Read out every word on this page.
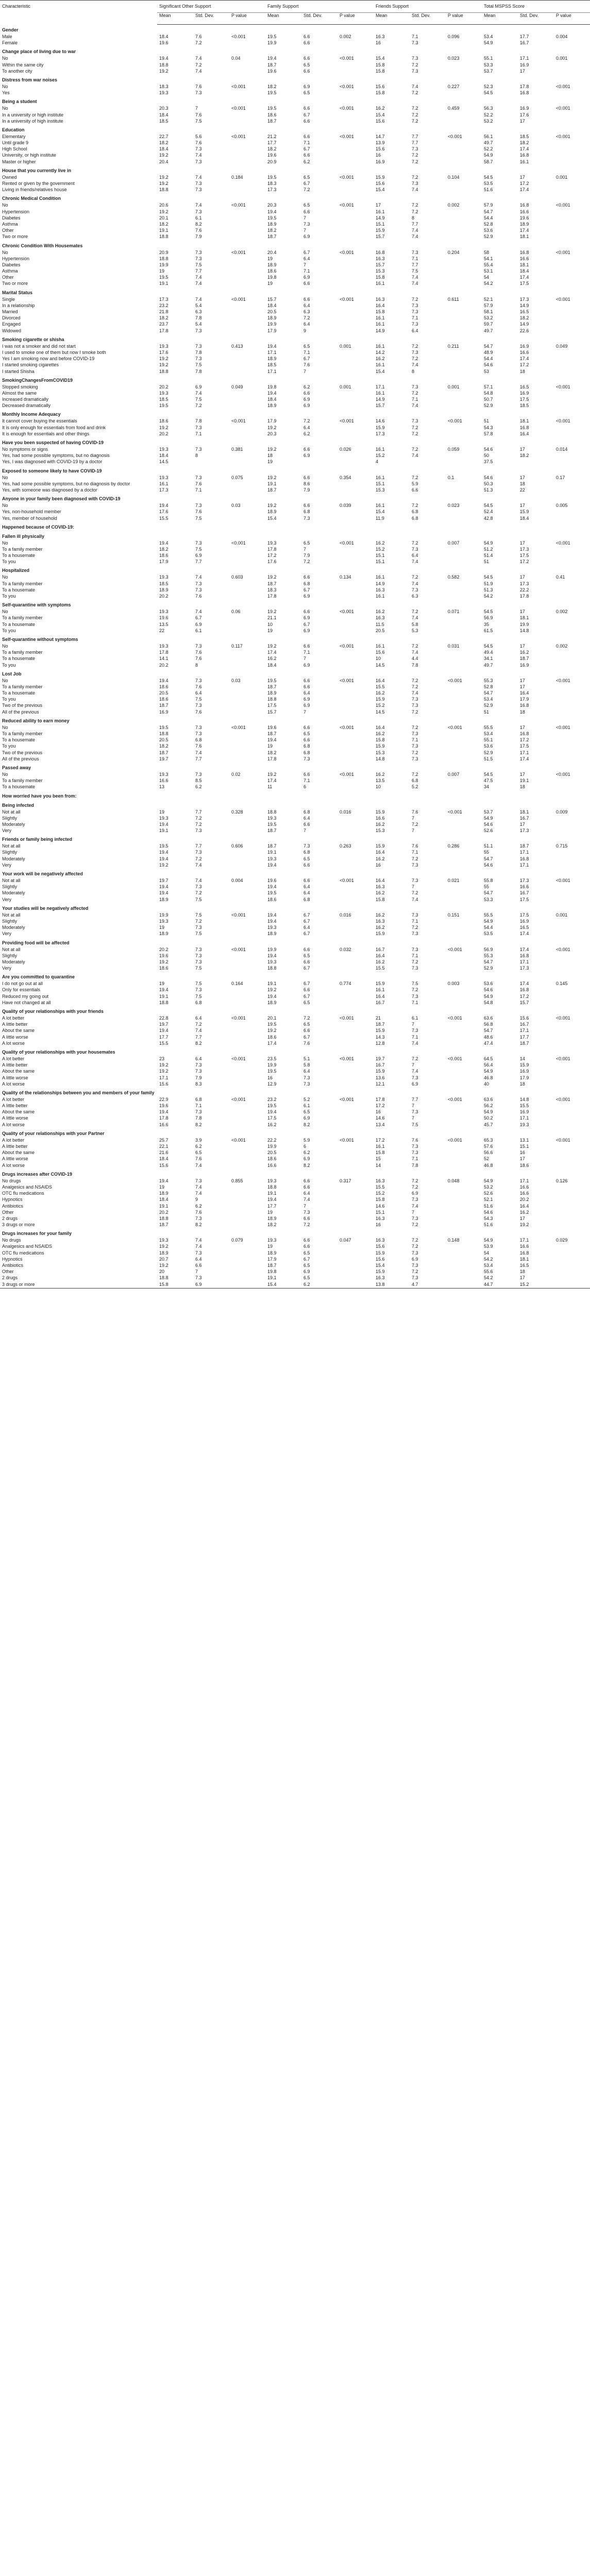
Characteristic	Significant Other Support			Family Support			Friends Support			Total MSPSS Score		
	Mean	Std. Dev.	P value	Mean	Std. Dev.	P value	Mean	Std. Dev.	P value	Mean	Std. Dev.	P value
Gender												
Male	18.4	7.6	<0.001	19.5	6.6	0.002	16.3	7.1	0.096	53.4	17.7	0.004
Female	19.6	7.2		19.9	6.6		16	7.3		54.9	16.7	
Change place of living due to war												
No	19.4	7.4	0.04	19.4	6.6	<0.001	15.4	7.3	0.023	55.1	17.1	0.001
Within the same city	18.8	7.2		18.7	6.5		15.8	7.2		53.3	16.9	
To another city	19.2	7.4		19.6	6.6		15.8	7.3		53.7	17	
Distress from war noises												
No	18.3	7.6	<0.001	18.2	6.9	<0.001	15.6	7.4	0.227	52.3	17.8	<0.001
Yes	19.3	7.3		19.5	6.5		15.8	7.2		54.5	16.8	
Being a student												
No	20.3	7	<0.001	19.5	6.6	<0.001	16.2	7.2	0.459	56.3	16.9	<0.001
In a university or high institute	18.4	7.6		18.6	6.7		15.4	7.2		52.2	17.6	
In a university of high institute	18.5	7.5		18.7	6.6		15.6	7.2		53.2	17	
Education												
Elementary	22.7	5.6	<0.001	21.2	6.6	<0.001	14.7	7.7	<0.001	56.1	18.5	<0.001
Until grade 9	18.2	7.6		17.7	7.1		13.9	7.7		49.7	18.2	
High School	18.4	7.3		18.2	6.7		15.6	7.3		52.2	17.4	
University, or high institute	19.2	7.4		19.6	6.6		16	7.2		54.9	16.8	
Master or higher	20.4	7.3		20.9	6.2		16.9	7.2		58.7	16.1	
House that you currently live in												
Owned	19.2	7.4	0.184	19.5	6.5	<0.001	15.9	7.2	0.104	54.5	17	0.001
Rented or given by the government	19.2	7.3		18.3	6.7		15.6	7.3		53.5	17.2	
Living in friends/relatives house	18.8	7.3		17.3	7.2		15.4	7.4		51.6	17.4	
Chronic Medical Condition												
No	20.6	7.4	<0.001	20.3	6.5	<0.001	17	7.2	0.002	57.9	16.8	<0.001
Hypertension	19.2	7.3		19.4	6.6		16.1	7.2		54.7	16.6	
Diabetes	20.1	6.1		19.5	7		14.9	8		54.4	19.6	
Asthma	18.2	8.2		18.9	7.3		15.1	7.7		52.8	18.9	
Other	19.1	7.6		18.2	7		15.9	7.4		53.6	17.4	
Two or more	18.8	7.9		18.7	6.9		15.7	7.4		52.9	18.1	
Chronic Condition With Housemates												
No	20.9	7.3	<0.001	20.4	6.7	<0.001	16.8	7.3	0.204	58	16.8	<0.001
Hypertension	18.8	7.3		19	6.4		16.3	7.1		54.1	16.6	
Diabetes	19.9	7.5		18.9	7		15.7	7.7		55.4	18.1	
Asthma	19	7.7		18.6	7.1		15.3	7.5		53.1	18.4	
Other	19.5	7.4		19.8	6.9		15.8	7.4		54	17.4	
Two or more	19.1	7.4		19	6.6		16.1	7.4		54.2	17.5	
Marital Status												
Single	17.3	7.4	<0.001	15.7	6.6	<0.001	16.3	7.2	0.611	52.1	17.3	<0.001
In a relationship	23.2	5.4		18.4	6.4		16.4	7.3		57.9	14.9	
Married	21.8	6.3		20.5	6.3		15.8	7.3		58.1	16.5	
Divorced	18.2	7.8		18.9	7.2		16.1	7.1		53.2	18.2	
Engaged	23.7	5.4		19.9	6.4		16.1	7.3		59.7	14.9	
Widowed	17.8	7.3		17.9	9		14.9	6.4		49.7	22.6	
Smoking cigarette or shisha												
I was not a smoker and did not start	19.3	7.3	0.413	19.4	6.5	0.001	16.1	7.2	0.211	54.7	16.9	0.049
I used to smoke one of them but now I smoke both	17.6	7.8		17.1	7.1		14.2	7.3		48.9	16.6	
Yes I am smoking now and before COVID-19	19.2	7.3		18.9	6.7		16.2	7.2		54.4	17.4	
I started smoking cigarettes	19.2	7.5		18.5	7.6		16.1	7.4		54.6	17.2	
I started Shisha	18.8	7.8		17.1	7		15.4	8		53	18	
SmokingChangesFromCOVID19												
Stopped smoking	20.2	6.9	0.049	19.8	6.2	0.001	17.1	7.3	0.001	57.1	16.5	<0.001
Almost the same	19.3	7.4		19.4	6.6		16.1	7.2		54.8	16.9	
Increased dramatically	18.5	7.5		18.4	6.9		14.9	7.1		50.7	17.5	
Decreased dramatically	19.5	7.2		18.9	6.9		15.7	7.4		52.9	18.5	
Monthly Income Adequacy												
It cannot cover buying the essentials	18.6	7.8	<0.001	17.9	7.2	<0.001	14.6	7.3	<0.001	51	18.1	<0.001
It is only enough for essentials from food and drink	19.2	7.3		19.2	6.4		15.9	7.2		54.3	16.8	
It is enough for essentials and other things	20.2	7.1		20.3	6.2		17.3	7.2		57.8	16.4	
Have you been suspected of having COVID-19												
No symptoms or signs	19.3	7.3	0.381	19.2	6.6	0.026	16.1	7.2	0.059	54.6	17	0.014
Yes, had some possible symptoms, but no diagnosis	18.4	8		18	6.9		15.2	7.4		50	18.2	
Yes, I was diagnosed with COVID-19 by a doctor	14.5			19			4			37.5		
Exposed to someone likely to have COVID-19												
No	19.3	7.3	0.075	19.2	6.6	0.354	16.1	7.2	0.1	54.6	17	0.17
Yes, had some possible symptoms, but no diagnosis by doctor	16.1	7.6		19.1	8.6		15.1	5.9		50.3	18	
Yes, with someone was diagnosed by a doctor	17.3	7.1		18.7	7.9		15.3	6.6		51.3	22	
Anyone in your family been diagnosed with COVID-19												
No	19.4	7.3	0.03	19.2	6.6	0.039	16.1	7.2	0.023	54.5	17	0.005
Yes, non-household member	17.6	7.6		18.9	6.8		15.4	6.8		52.4	15.9	
Yes, member of household	15.5	7.5		15.4	7.3		11.9	6.8		42.8	18.4	
Happened because of COVID-19:												
Fallen ill physically												
No	19.4	7.3	<0.001	19.3	6.5	<0.001	16.2	7.2	0.007	54.9	17	<0.001
To a family member	18.2	7.5		17.8	7		15.2	7.3		51.2	17.3	
To a housemate	18.6	6.9		17.2	7.9		15.1	6.4		51.4	17.5	
To you	17.9	7.7		17.6	7.2		15.1	7.4		51	17.2	
Hospitalized												
No	19.3	7.4	0.603	19.2	6.6	0.134	16.1	7.2	0.582	54.5	17	0.41
To a family member	18.5	7.3		18.7	6.8		14.9	7.4		51.9	17.3	
To a housemate	18.9	7.3		18.3	6.7		16.3	7.3		51.3	22.2	
To you	20.2	7.6		17.8	6.9		16.1	6.3		54.2	17.8	
Self-quarantine with symptoms												
No	19.3	7.4	0.06	19.2	6.6	<0.001	16.2	7.2	0.071	54.5	17	0.002
To a family member	19.6	6.7		21.1	6.9		16.3	7.4		56.9	18.1	
To a housemate	13.5	6.9		10	6.7		11.5	5.8		35	19.9	
To you	22	6.1		19	6.9		20.5	5.3		61.5	14.8	
Self-quarantine without symptoms												
No	19.3	7.3	0.117	19.2	6.6	<0.001	16.1	7.2	0.031	54.5	17	0.002
To a family member	17.8	7.6		17.4	7.1		15.6	7.4		49.4	16.2	
To a housemate	14.1	7.6		16.2	7		10	4.4		34.1	18.7	
To you	20.2	8		18.4	6.9		14.5	7.8		49.7	16.9	
Lost Job												
No	19.4	7.3	0.03	19.5	6.6	<0.001	16.4	7.2	<0.001	55.3	17	<0.001
To a family member	18.6	7.6		18.7	6.6		15.5	7.2		52.8	17	
To a housemate	20.5	6.4		18.9	6.4		16.2	7.4		54.7	16.4	
To you	18.6	7.5		18.8	6.9		15.9	7.3		53.4	17.9	
Two of the previous	18.7	7.3		17.5	6.9		15.2	7.3		52.9	16.8	
All of the previous	16.9	7.6		15.7	7		14.5	7.2		51	18	
Reduced ability to earn money												
No	19.5	7.3	<0.001	19.6	6.6	<0.001	16.4	7.2	<0.001	55.5	17	<0.001
To a family member	18.8	7.3		18.7	6.5		16.2	7.3		53.4	16.8	
To a housemate	20.5	6.8		19.4	6.6		15.8	7.1		55.1	17.2	
To you	18.2	7.6		19	6.8		15.9	7.3		53.6	17.5	
Two of the previous	18.7	7.4		18.2	6.8		15.3	7.2		52.9	17.1	
All of the previous	19.7	7.7		17.8	7.3		14.8	7.3		51.5	17.4	
Passed away												
No	19.3	7.3	0.02	19.2	6.6	<0.001	16.2	7.2	0.007	54.5	17	<0.001
To a family member	16.6	8.5		17.4	7.1		13.5	6.8		47.5	19.1	
To a housemate	13	6.2		11	6		10	5.2		34	18	
How worried have you been from:												
Being infected												
Not at all	19	7.7	0.328	18.8	6.8	0.016	15.9	7.6	<0.001	53.7	18.1	0.009
Slightly	19.3	7.2		19.3	6.4		16.6	7		54.9	16.7	
Moderately	19.4	7.2		19.5	6.6		16.2	7.2		54.6	17	
Very	19.1	7.3		18.7	7		15.3	7		52.6	17.3	
Friends or family being infected												
Not at all	19.5	7.7	0.606	18.7	7.3	0.263	15.9	7.6	0.286	51.1	18.7	0.715
Slightly	19.4	7.3		19.1	6.8		16.4	7.1		55	17.1	
Moderately	19.4	7.2		19.3	6.5		16.2	7.2		54.7	16.8	
Very	19.2	7.4		19.4	6.6		16	7.3		54.6	17.1	
Your work will be negatively affected												
Not at all	19.7	7.4	0.004	19.6	6.6	<0.001	16.4	7.3	0.021	55.8	17.3	<0.001
Slightly	19.4	7.3		19.4	6.4		16.3	7		55	16.6	
Moderately	19.4	7.2		19.5	6.4		16.2	7.2		54.7	16.7	
Very	18.9	7.5		18.6	6.8		15.8	7.4		53.3	17.5	
Your studies will be negatively affected												
Not at all	19.9	7.5	<0.001	19.4	6.7	0.016	16.2	7.3	0.151	55.5	17.5	0.001
Slightly	19.3	7.2		19.4	6.7		16.3	7.1		54.9	16.9	
Moderately	19	7.3		19.3	6.4		16.2	7.2		54.4	16.5	
Very	18.9	7.5		18.9	6.7		15.9	7.3		53.5	17.4	
Providing food will be affected												
Not at all	20.2	7.3	<0.001	19.9	6.6	0.032	16.7	7.3	<0.001	56.9	17.4	<0.001
Slightly	19.6	7.3		19.4	6.5		16.4	7.1		55.3	16.8	
Moderately	19.2	7.3		19.3	6.6		16.2	7.2		54.7	17.1	
Very	18.6	7.5		18.8	6.7		15.5	7.3		52.9	17.3	
Are you committed to quarantine												
I do not go out at all	19	7.5	0.164	19.1	6.7	0.774	15.9	7.5	0.003	53.6	17.4	0.145
Only for essentials	19.4	7.3		19.2	6.6		16.1	7.2		54.6	16.8	
Reduced my going out	19.1	7.5		19.4	6.7		16.4	7.3		54.9	17.2	
Have not changed at all	18.8	6.8		18.9	6.5		16.7	7.1		54.8	15.7	
Quality of your relationships with your friends												
A lot better	22.8	6.4	<0.001	20.1	7.2	<0.001	21	6.1	<0.001	63.6	15.6	<0.001
A little better	19.7	7.2		19.5	6.5		18.7	7		56.8	16.7	
About the same	19.4	7.4		19.2	6.6		15.9	7.3		54.7	17.1	
A little worse	17.7	7.7		18.6	6.7		14.3	7.1		48.6	17.7	
A lot worse	15.5	8.2		17.4	7.6		12.8	7.4		47.4	18.7	
Quality of your relationships with your housemates												
A lot better	23	6.4	<0.001	23.5	5.1	<0.001	19.7	7.2	<0.001	64.5	14	<0.001
A little better	19.2	7.3		19.9	5.8		16.7	7		56.4	15.9	
About the same	19.2	7.3		19.5	6.4		15.9	7.4		54.9	16.9	
A little worse	17.1	7.9		16	7.3		13.6	7.3		46.8	17.9	
A lot worse	15.6	8.3		12.9	7.3		12.1	6.9		40	18	
Quality of the relationships between you and members of your family												
A lot better	22.9	6.8	<0.001	23.2	5.2	<0.001	17.8	7.7	<0.001	63.6	14.8	<0.001
A little better	19.6	7.1		19.5	6.1		17.2	7		56.2	15.5	
About the same	19.4	7.3		19.4	6.5		16	7.3		54.9	16.9	
A little worse	17.8	7.8		17.5	6.9		14.6	7		50.2	17.1	
A lot worse	16.6	8.2		16.2	8.2		13.4	7.5		45.7	19.3	
Quality of your relationships with your Partner												
A lot better	25.7	3.9	<0.001	22.2	5.9	<0.001	17.2	7.6	<0.001	65.3	13.1	<0.001
A little better	22.1	6.2		19.9	6		16.1	7.3		57.6	15.1	
About the same	21.6	6.5		20.5	6.2		15.8	7.3		56.6	16	
A little worse	18.4	7.6		18.6	6.9		15	7.1		52	17	
A lot worse	15.6	7.4		16.6	8.2		14	7.8		46.8	18.6	
Drugs increases after COVID-19												
No drugs	19.4	7.3	0.855	19.3	6.6	0.317	16.3	7.2	0.048	54.9	17.1	0.126
Analgesics and NSAIDS	19	7.4		18.8	6.6		15.5	7.2		53.2	16.6	
OTC flu medications	18.9	7.4		19.1	6.4		15.2	6.9		52.6	16.6	
Hypnotics	18.4	9		19.4	7.4		15.8	7.3		52.1	20.2	
Antibiotics	19.1	6.2		17.7	7		14.6	7.4		51.6	16.4	
Other	20.2	7.6		19	7.3		15.1	7		54.6	16.2	
2 drugs	18.8	7.3		18.9	6.6		16.3	7.3		54.3	17	
3 drugs or more	18.7	8.2		18.2	7.2		16	7.2		51.6	19.2	
Drugs increases for your family												
No drugs	19.3	7.4	0.079	19.3	6.6	0.047	16.3	7.2	0.148	54.9	17.1	0.029
Analgesics and NSAIDS	19.2	7.4		19	6.6		15.6	7.2		53.9	16.6	
OTC flu medications	18.9	7.3		18.9	6.5		15.9	7.3		54	16.8	
Hypnotics	20.7	6.4		17.9	6.7		15.6	6.9		54.2	18.1	
Antibiotics	19.2	6.6		18.7	6.5		15.4	7.3		53.4	16.5	
Other	20	7		19.8	6.9		15.9	7.2		55.6	18	
2 drugs	18.8	7.3		19.1	6.5		16.3	7.3		54.2	17	
3 drugs or more	15.8	6.9		15.4	6.2		13.8	4.7		44.7	15.2	
